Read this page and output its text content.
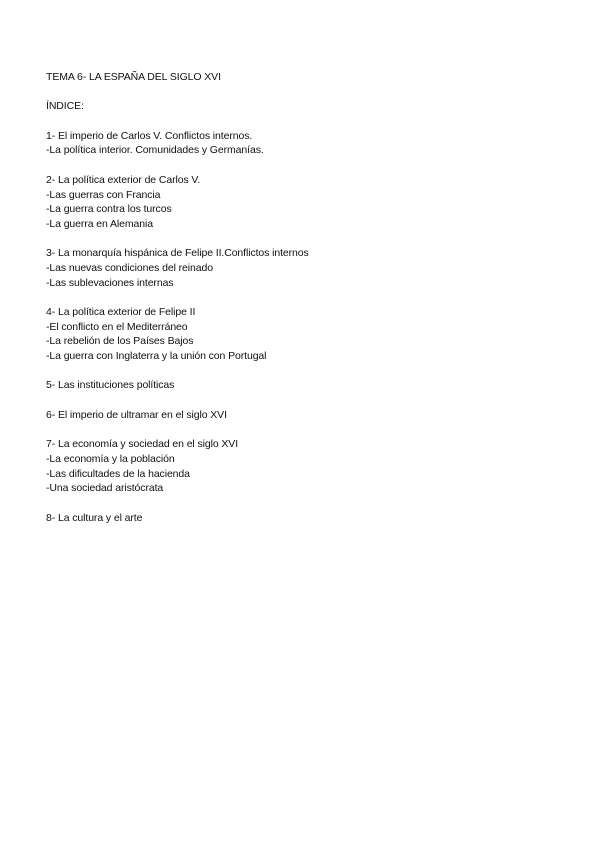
TEMA 6- LA ESPAÑA DEL SIGLO XVI
ÍNDICE:
1- El imperio de Carlos V. Conflictos internos.
-La política interior. Comunidades y Germanías.
2- La política exterior de Carlos V.
-Las guerras con Francia
-La guerra contra los turcos
-La guerra en Alemania
3- La monarquía hispánica de Felipe II.Conflictos internos
-Las nuevas condiciones del reinado
-Las sublevaciones internas
4- La política exterior de Felipe II
-El conflicto en el Mediterráneo
-La rebelión de los Países Bajos
-La guerra con Inglaterra y la unión con Portugal
5- Las instituciones políticas
6- El imperio de ultramar en el siglo XVI
7- La economía y sociedad en el siglo XVI
-La economía y la población
-Las dificultades de la hacienda
-Una sociedad aristócrata
8- La cultura y el arte
